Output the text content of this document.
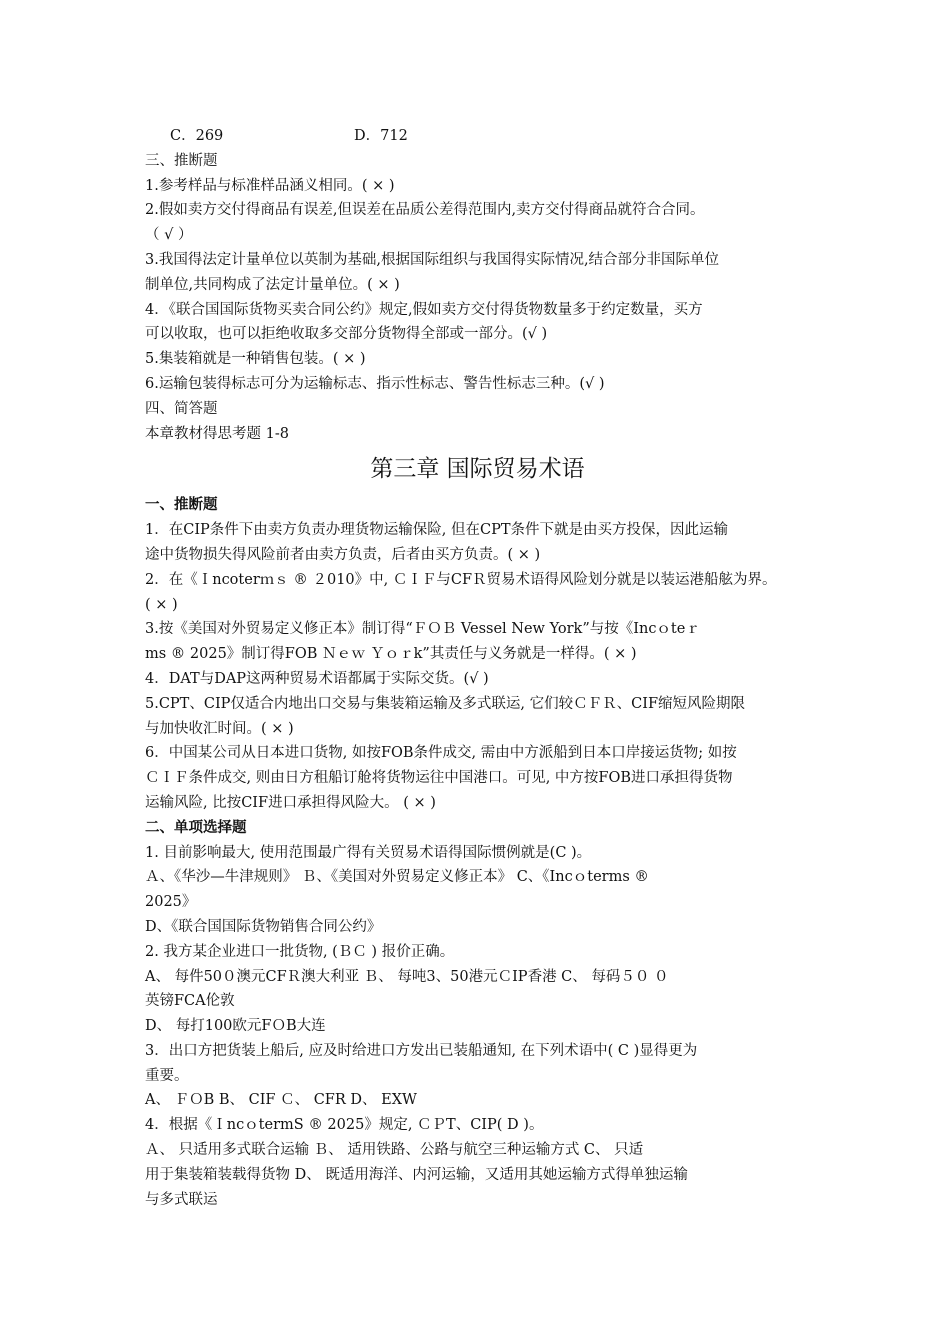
C．269	D．712
三、推断题
1.参考样品与标准样品涵义相同。( × )
2.假如卖方交付得商品有误差,但误差在品质公差得范围内,卖方交付得商品就符合合同。
（ √ ）
3.我国得法定计量单位以英制为基础,根据国际组织与我国得实际情况,结合部分非国际单位
制单位,共同构成了法定计量单位。( × )
4．《联合国国际货物买卖合同公约》规定,假如卖方交付得货物数量多于约定数量，买方
可以收取，也可以拒绝收取多交部分货物得全部或一部分。(√ )
5.集装箱就是一种销售包装。( × )
6.运输包装得标志可分为运输标志、指示性标志、警告性标志三种。(√ )
四、简答题
本章教材得思考题 1-8
第三章 国际贸易术语
一、推断题
1．在CIP条件下由卖方负责办理货物运输保险, 但在CPT条件下就是由买方投保，因此运输
途中货物损失得风险前者由卖方负责，后者由买方负责。( × )
2．在《Ｉncoterｍｓ ® ２010》中, ＣＩＦ与CFＲ贸易术语得风险划分就是以装运港船舷为界。
( × )
3.按《美国对外贸易定义修正本》制订得“ＦＯＢ Vessel New York”与按《Incｏteｒ
ms ® 2025》制订得FOB Ｎｅｗ Ｙｏｒk”其责任与义务就是一样得。( × )
4．DAT与DAP这两种贸易术语都属于实际交货。(√ )
5.CPT、CIP仅适合内地出口交易与集装箱运输及多式联运, 它们较ＣＦＲ、CIF缩短风险期限
与加快收汇时间。( × )
6．中国某公司从日本进口货物, 如按FOB条件成交, 需由中方派船到日本口岸接运货物; 如按
ＣＩＦ条件成交, 则由日方租船订舱将货物运往中国港口。可见, 中方按FOB进口承担得货物
运输风险, 比按CIF进口承担得风险大。 ( × )
二、单项选择题
1. 目前影响最大, 使用范围最广得有关贸易术语得国际惯例就是(C )。
Ａ、《华沙—牛津规则》 Ｂ、《美国对外贸易定义修正本》 C、《Incｏterms ®
2025》
D、《联合国国际货物销售合同公约》
2. 我方某企业进口一批货物, (ＢＣ ) 报价正确。
A、 每件50０澳元CFＲ澳大利亚 Ｂ、 每吨3、50港元ＣIP香港 C、 每码５０ ０
英镑FCA伦敦
D、 每打100欧元FＯB大连
3．出口方把货装上船后, 应及时给进口方发出已装船通知, 在下列术语中( C )显得更为
重要。
A、 ＦＯB B、 CIF Ｃ、 CFR D、 EXW
4．根据《ＩncｏtermS ® 2025》规定, ＣＰT、CIP( D )。
Ａ、 只适用多式联合运输 Ｂ、 适用铁路、公路与航空三种运输方式 C、 只适
用于集装箱装载得货物 D、 既适用海洋、内河运输，又适用其她运输方式得单独运输
与多式联运
